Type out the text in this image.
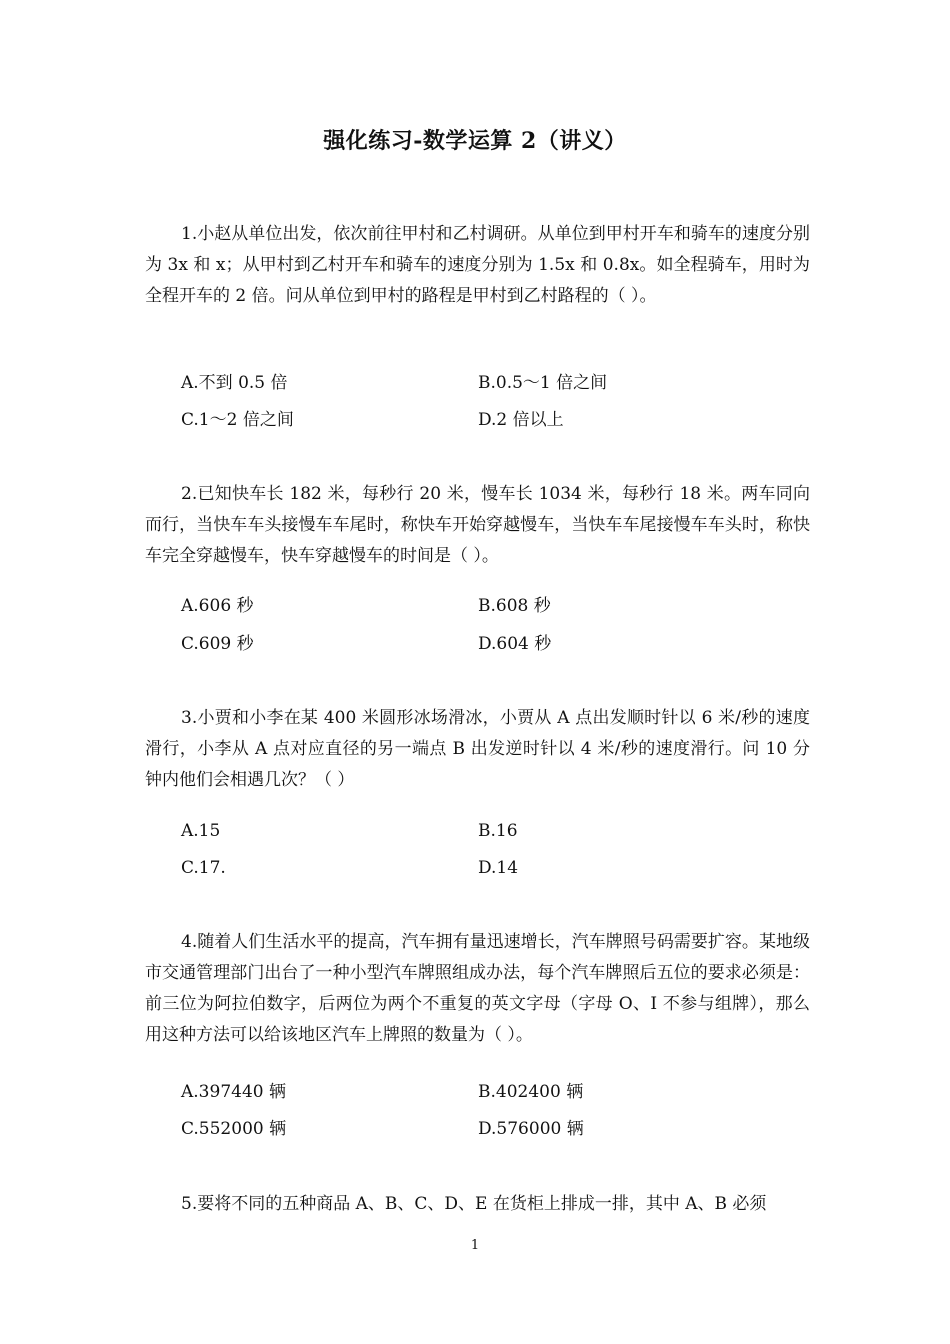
强化练习-数学运算 2（讲义）

1.小赵从单位出发，依次前往甲村和乙村调研。从单位到甲村开车和骑车的速度分别为 3x 和 x；从甲村到乙村开车和骑车的速度分别为 1.5x 和 0.8x。如全程骑车，用时为全程开车的 2 倍。问从单位到甲村的路程是甲村到乙村路程的（ ）。

A.不到 0.5 倍	B.0.5～1 倍之间
C.1～2 倍之间	D.2 倍以上

2.已知快车长 182 米，每秒行 20 米，慢车长 1034 米，每秒行 18 米。两车同向而行，当快车车头接慢车车尾时，称快车开始穿越慢车，当快车车尾接慢车车头时，称快车完全穿越慢车，快车穿越慢车的时间是（ ）。

A.606 秒	B.608 秒
C.609 秒	D.604 秒

3.小贾和小李在某 400 米圆形冰场滑冰，小贾从 A 点出发顺时针以 6 米/秒的速度滑行，小李从 A 点对应直径的另一端点 B 出发逆时针以 4 米/秒的速度滑行。问 10 分钟内他们会相遇几次？（ ）

A.15	B.16
C.17.	D.14

4.随着人们生活水平的提高，汽车拥有量迅速增长，汽车牌照号码需要扩容。某地级市交通管理部门出台了一种小型汽车牌照组成办法，每个汽车牌照后五位的要求必须是：前三位为阿拉伯数字，后两位为两个不重复的英文字母（字母 O、I 不参与组牌），那么用这种方法可以给该地区汽车上牌照的数量为（ ）。

A.397440 辆	B.402400 辆
C.552000 辆	D.576000 辆

5.要将不同的五种商品 A、B、C、D、E 在货柜上排成一排，其中 A、B 必须

1
